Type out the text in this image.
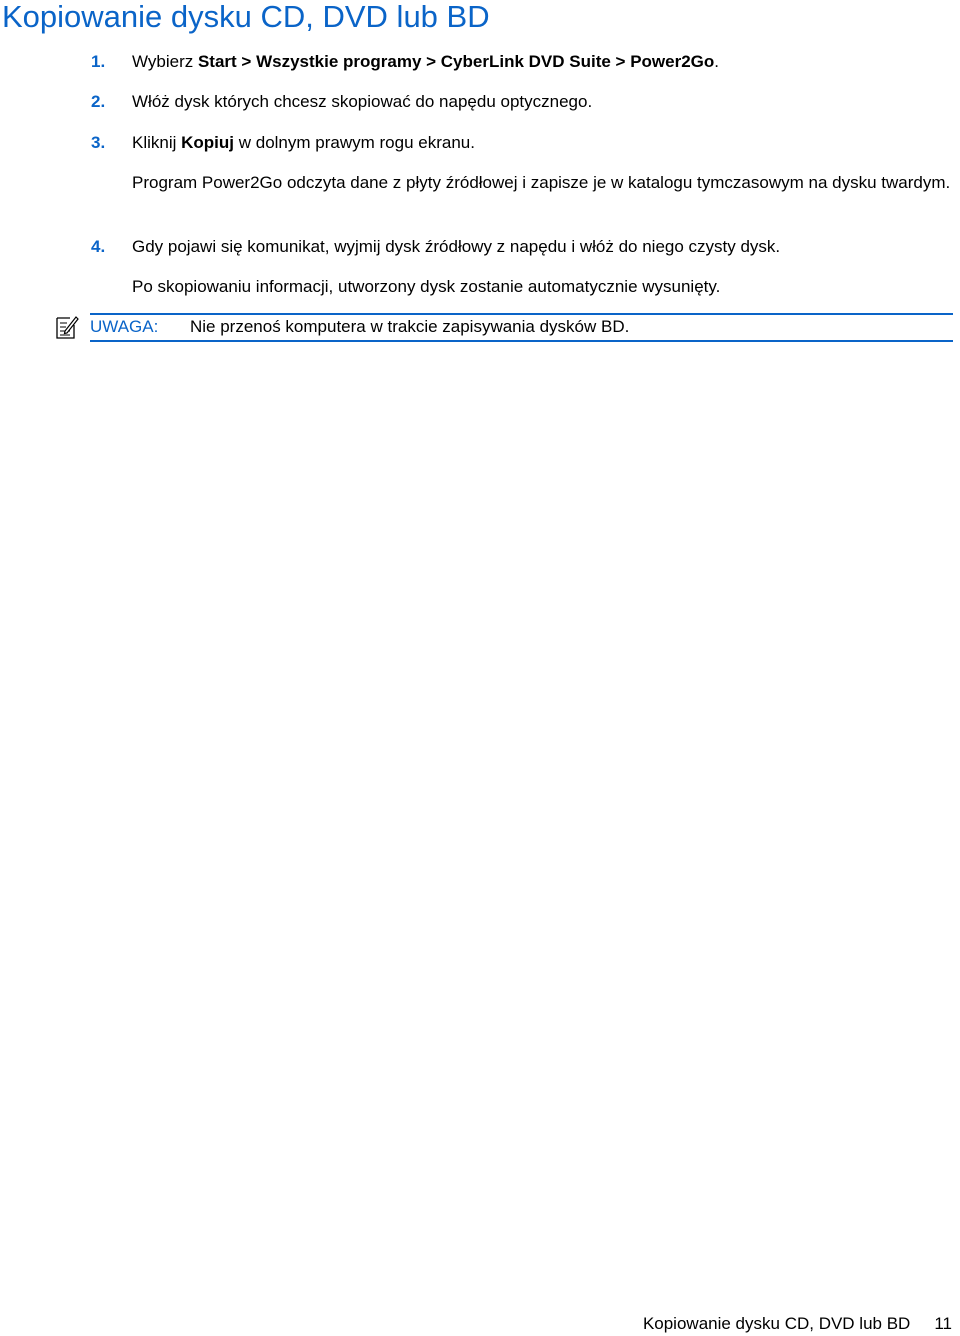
Kopiowanie dysku CD, DVD lub BD
1. Wybierz Start > Wszystkie programy > CyberLink DVD Suite > Power2Go.
2. Włóż dysk których chcesz skopiować do napędu optycznego.
3. Kliknij Kopiuj w dolnym prawym rogu ekranu.
Program Power2Go odczyta dane z płyty źródłowej i zapisze je w katalogu tymczasowym na dysku twardym.
4. Gdy pojawi się komunikat, wyjmij dysk źródłowy z napędu i włóż do niego czysty dysk.
Po skopiowaniu informacji, utworzony dysk zostanie automatycznie wysunięty.
UWAGA: Nie przenoś komputera w trakcie zapisywania dysków BD.
Kopiowanie dysku CD, DVD lub BD 11
